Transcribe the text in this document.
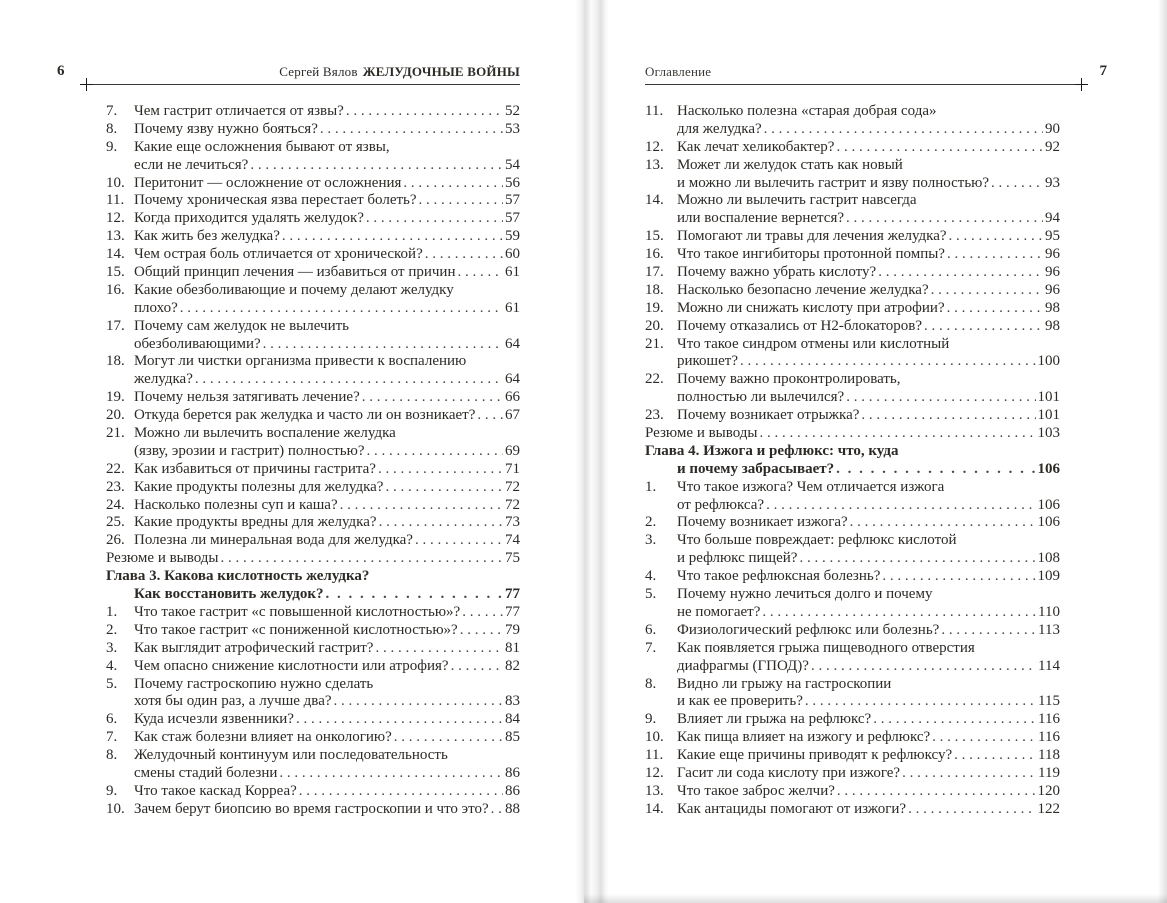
6	Сергей Вялов ЖЕЛУДОЧНЫЕ ВОЙНЫ
7.	Чем гастрит отличается от язвы? . . .	52
8.	Почему язву нужно бояться? . . .	53
9.	Какие еще осложнения бывают от язвы,
если не лечиться? . . .	54
10. Перитонит — осложнение от осложнения . . .	56
11. Почему хроническая язва перестает болеть? . . .	57
12. Когда приходится удалять желудок? . . .	57
13. Как жить без желудка? . . .	59
14. Чем острая боль отличается от хронической? . . .	60
15. Общий принцип лечения — избавиться от причин . . .	61
16. Какие обезболивающие и почему делают желудку
плохо? . . .	61
17. Почему сам желудок не вылечить
обезболивающими? . . .	64
18. Могут ли чистки организма привести к воспалению
желудка? . . .	64
19. Почему нельзя затягивать лечение? . . .	66
20. Откуда берется рак желудка и часто ли он возникает? . . . 67
21. Можно ли вылечить воспаление желудка
(язву, эрозии и гастрит) полностью? . . .	69
22. Как избавиться от причины гастрита? . . .	71
23. Какие продукты полезны для желудка? . . .	72
24. Насколько полезны суп и каша? . . .	72
25. Какие продукты вредны для желудка? . . .	73
26. Полезна ли минеральная вода для желудка? . . .	74
Резюме и выводы . . .	75
Глава 3. Какова кислотность желудка?
Как восстановить желудок? . . .	77
1.	Что такое гастрит «с повышенной кислотностью»? . . .	77
2.	Что такое гастрит «с пониженной кислотностью»? . . .	79
3.	Как выглядит атрофический гастрит? . . .	81
4.	Чем опасно снижение кислотности или атрофия? . . .	82
5.	Почему гастроскопию нужно сделать
хотя бы один раз, а лучше два? . . .	83
6.	Куда исчезли язвенники? . . .	84
7.	Как стаж болезни влияет на онкологию? . . .	85
8.	Желудочный континуум или последовательность
смены стадий болезни . . .	86
9.	Что такое каскад Корреа? . . .	86
10. Зачем берут биопсию во время гастроскопии и что это? . . . 88
7
Оглавление
11. Насколько полезна «старая добрая сода»
для желудка? . . .	90
12. Как лечат хеликобактер? . . .	92
13. Может ли желудок стать как новый
и можно ли вылечить гастрит и язву полностью? . . .	93
14. Можно ли вылечить гастрит навсегда
или воспаление вернется? . . .	94
15. Помогают ли травы для лечения желудка? . . .	95
16. Что такое ингибиторы протонной помпы? . . .	96
17. Почему важно убрать кислоту? . . .	96
18. Насколько безопасно лечение желудка? . . .	96
19. Можно ли снижать кислоту при атрофии? . . .	98
20. Почему отказались от Н2-блокаторов? . . .	98
21. Что такое синдром отмены или кислотный
рикошет? . . .	100
22. Почему важно проконтролировать,
полностью ли вылечился? . . .	101
23. Почему возникает отрыжка? . . .	101
Резюме и выводы . . .	103
Глава 4. Изжога и рефлюкс: что, куда
и почему забрасывает? . . .	106
1.	Что такое изжога? Чем отличается изжога
от рефлюкса? . . .	106
2.	Почему возникает изжога? . . .	106
3.	Что больше повреждает: рефлюкс кислотой
и рефлюкс пищей? . . .	108
4.	Что такое рефлюксная болезнь? . . .	109
5.	Почему нужно лечиться долго и почему
не помогает? . . .	110
6.	Физиологический рефлюкс или болезнь? . . .	113
7.	Как появляется грыжа пищеводного отверстия
диафрагмы (ГПОД)? . . .	114
8.	Видно ли грыжу на гастроскопии
и как ее проверить? . . .	115
9.	Влияет ли грыжа на рефлюкс? . . .	116
10. Как пища влияет на изжогу и рефлюкс? . . .	116
11. Какие еще причины приводят к рефлюксу? . . .	118
12. Гасит ли сода кислоту при изжоге? . . .	119
13. Что такое заброс желчи? . . .	120
14. Как антациды помогают от изжоги? . . .	122
